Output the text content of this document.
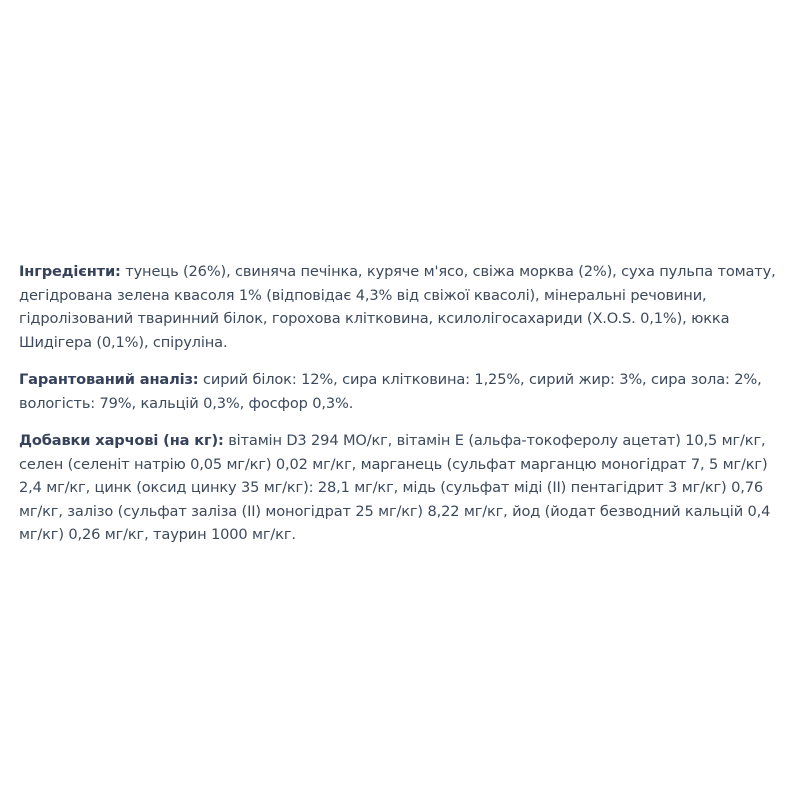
Інгредієнти: тунець (26%), свиняча печінка, куряче м'ясо, свіжа морква (2%), суха пульпа томату, дегідрована зелена квасоля 1% (відповідає 4,3% від свіжої квасолі), мінеральні речовини, гідролізований тваринний білок, горохова клітковина, ксилолігосахариди (X.O.S. 0,1%), юкка Шидігера (0,1%), спіруліна.

Гарантований аналіз: сирий білок: 12%, сира клітковина: 1,25%, сирий жир: 3%, сира зола: 2%, вологість: 79%, кальцій 0,3%, фосфор 0,3%.

Добавки харчові (на кг): вітамін D3 294 МО/кг, вітамін Е (альфа-токоферолу ацетат) 10,5 мг/кг, селен (селеніт натрію 0,05 мг/кг) 0,02 мг/кг, марганець (сульфат марганцю моногідрат 7, 5 мг/кг) 2,4 мг/кг, цинк (оксид цинку 35 мг/кг): 28,1 мг/кг, мідь (сульфат міді (II) пентагідрит 3 мг/кг) 0,76 мг/кг, залізо (сульфат заліза (II) моногідрат 25 мг/кг) 8,22 мг/кг, йод (йодат безводний кальцій 0,4 мг/кг) 0,26 мг/кг, таурин 1000 мг/кг.
